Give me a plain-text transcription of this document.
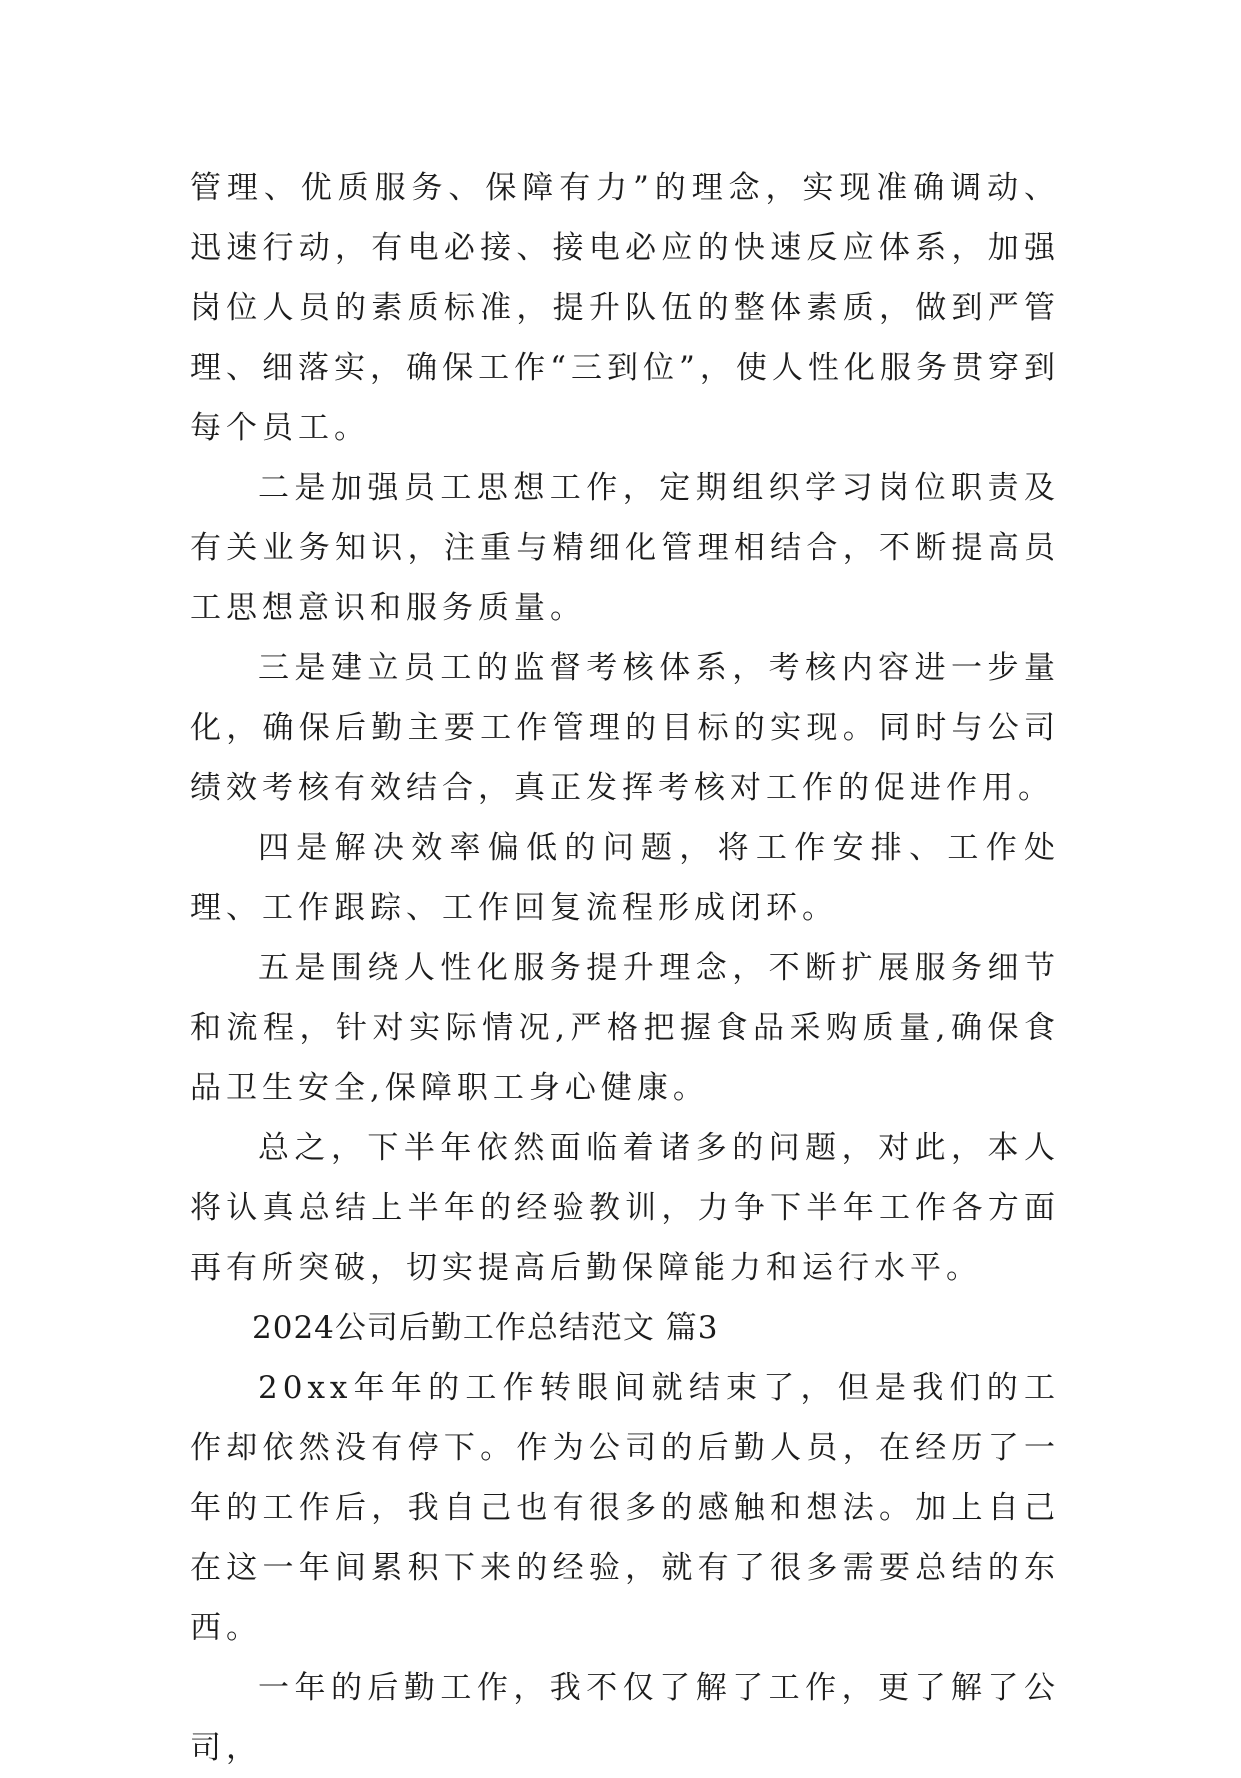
管理、优质服务、保障有力”的理念，实现准确调动、迅速行动，有电必接、接电必应的快速反应体系，加强岗位人员的素质标准，提升队伍的整体素质，做到严管理、细落实，确保工作“三到位”，使人性化服务贯穿到每个员工。

二是加强员工思想工作，定期组织学习岗位职责及有关业务知识，注重与精细化管理相结合，不断提高员工思想意识和服务质量。

三是建立员工的监督考核体系，考核内容进一步量化，确保后勤主要工作管理的目标的实现。同时与公司绩效考核有效结合，真正发挥考核对工作的促进作用。

四是解决效率偏低的问题，将工作安排、工作处理、工作跟踪、工作回复流程形成闭环。

五是围绕人性化服务提升理念，不断扩展服务细节和流程，针对实际情况,严格把握食品采购质量,确保食品卫生安全,保障职工身心健康。

总之，下半年依然面临着诸多的问题，对此，本人将认真总结上半年的经验教训，力争下半年工作各方面再有所突破，切实提高后勤保障能力和运行水平。

2024公司后勤工作总结范文 篇3

20xx年年的工作转眼间就结束了，但是我们的工作却依然没有停下。作为公司的后勤人员，在经历了一年的工作后，我自己也有很多的感触和想法。加上自己在这一年间累积下来的经验，就有了很多需要总结的东西。

一年的后勤工作，我不仅了解了工作，更了解了公司，
